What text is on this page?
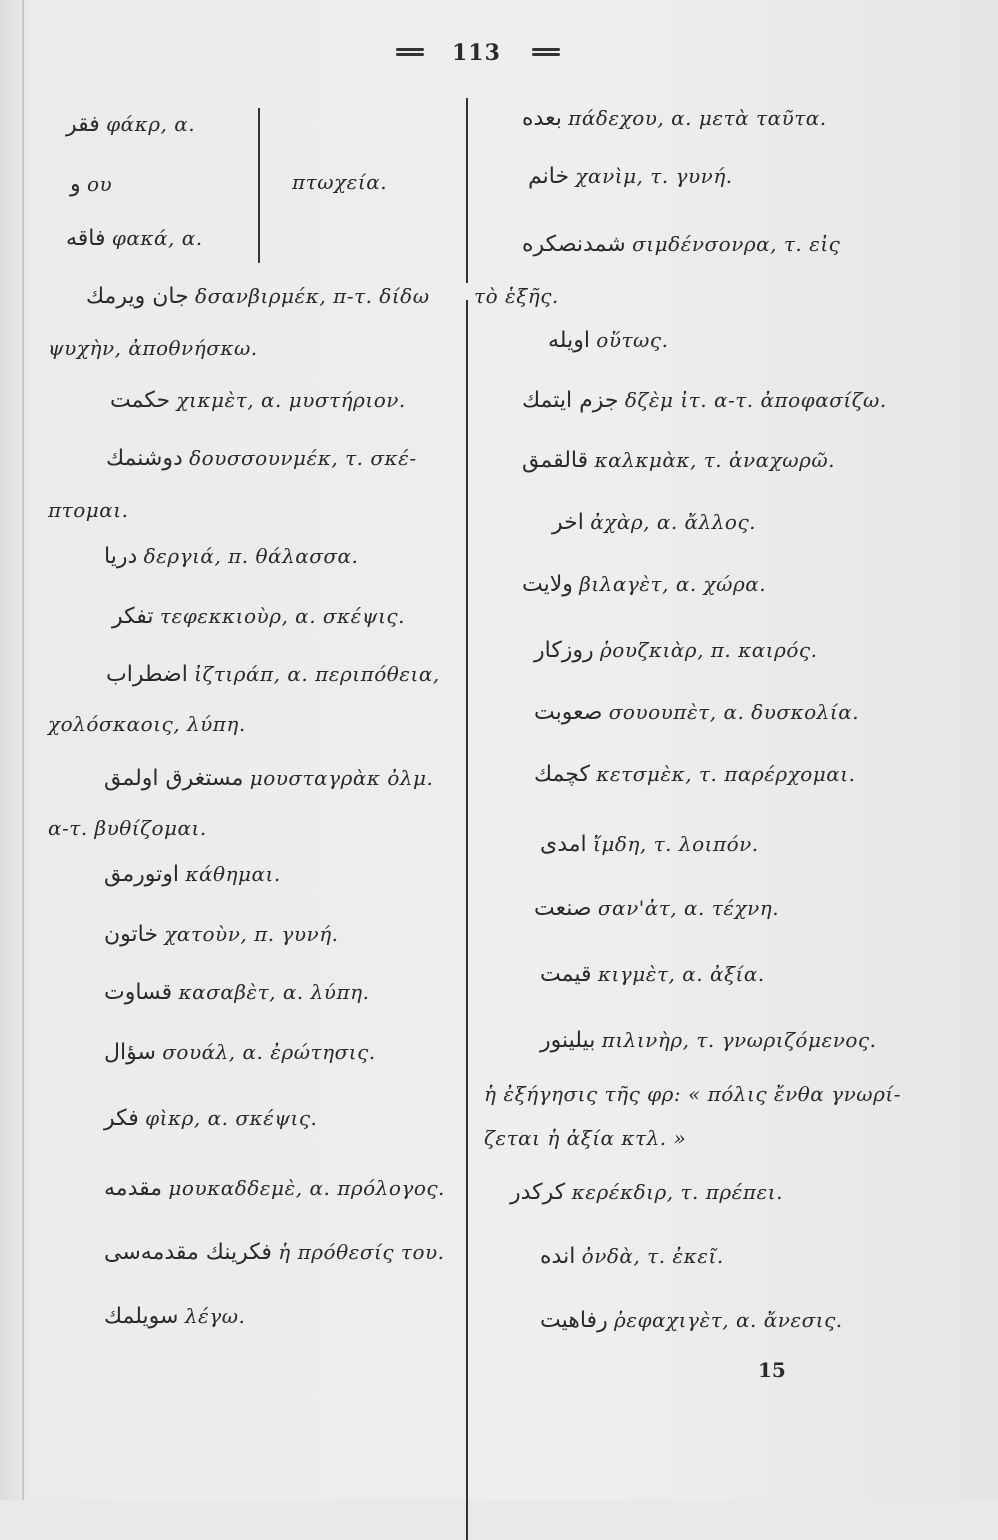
113
πτωχεία.
فقر φάκρ, α.
و ου
فاقه φακά, α.
جان ويرمك δσανβιρμέκ, π-τ. δίδω
ψυχὴν, ἀποθνήσκω.
حكمت χικμὲτ, α. μυστήριον.
دوشنمك δουσσουνμέκ, τ. σκέ-
πτομαι.
دريا δεργιά, π. θάλασσα.
تفكر τεφεκκιοὺρ, α. σκέψις.
اضطراب ἰζτιράπ, α. περιπόθεια,
χολόσκαοις, λύπη.
مستغرق اولمق μουσταγρὰκ ὀλμ.
α-τ. βυθίζομαι.
اوتورمق κάθημαι.
خاتون χατοὺν, π. γυνή.
قساوت κασαβὲτ, α. λύπη.
سؤال σουάλ, α. ἐρώτησις.
فكر φὶκρ, α. σκέψις.
مقدمه μουκαδδεμὲ, α. πρόλογος.
فكرينك مقدمه‌سی ἡ πρόθεσίς του.
سويلمك λέγω.
بعده πάδεχου, α. μετὰ ταῦτα.
خانم χανὶμ, τ. γυνή.
شمدنصكره σιμδένσονρα, τ. εἰς
τὸ ἑξῆς.
اويله οὕτως.
جزم ايتمك δζὲμ ἰτ. α-τ. ἀποφασίζω.
قالقمق καλκμὰκ, τ. ἀναχωρῶ.
اخر ἀχὰρ, α. ἄλλος.
ولايت βιλαγὲτ, α. χώρα.
روزكار ῥουζκιὰρ, π. καιρός.
صعوبت σουουπὲτ, α. δυσκολία.
كچمك κετσμὲκ, τ. παρέρχομαι.
امدی ἴμδη, τ. λοιπόν.
صنعت σαν'ἀτ, α. τέχνη.
قيمت κιγμὲτ, α. ἀξία.
بيلينور πιλινὴρ, τ. γνωριζόμενος.
ἡ ἐξήγησις τῆς φρ: « πόλις ἔνθα γνωρί-
ζεται ἡ ἀξία κτλ. »
كركدر κερέκδιρ, τ. πρέπει.
انده ὀνδὰ, τ. ἐκεῖ.
رفاهيت ῥεφαχιγὲτ, α. ἄνεσις.
15
